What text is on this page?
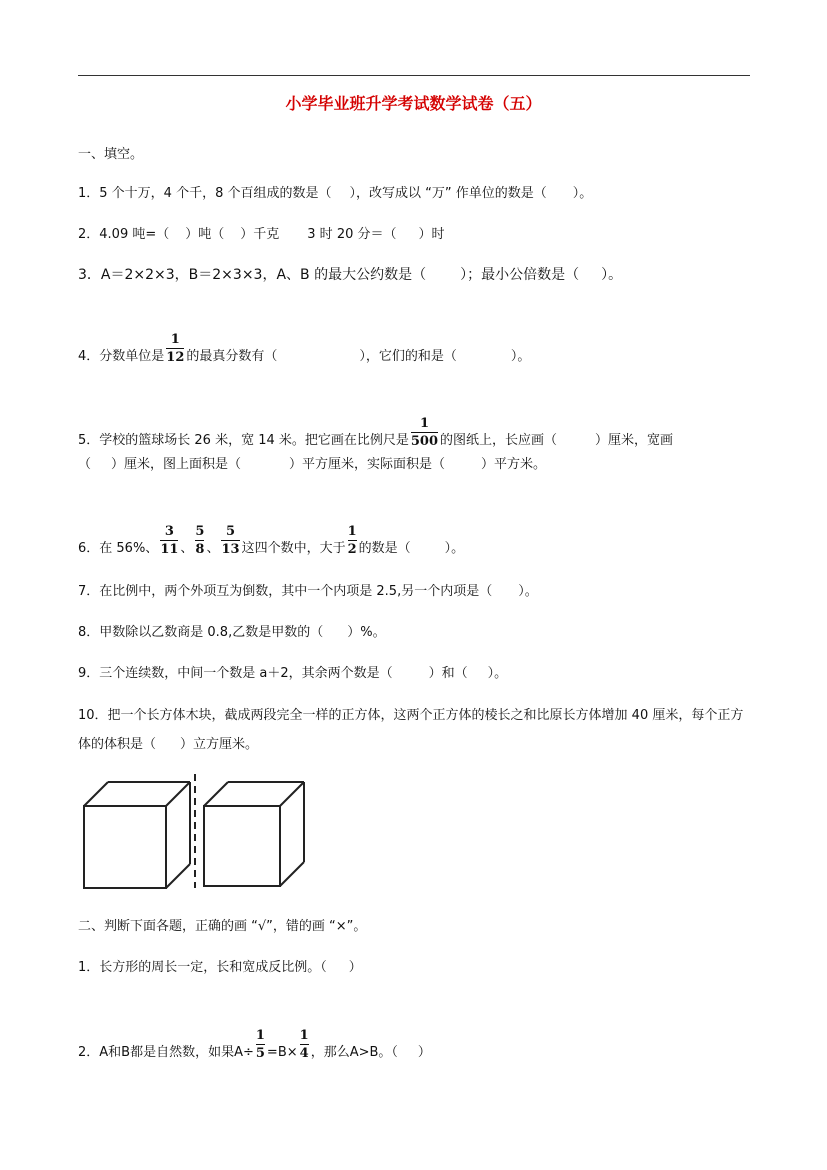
小学毕业班升学考试数学试卷（五）
一、填空。
1．5 个十万，4 个千，8 个百组成的数是（ ），改写成以 “万” 作单位的数是（ ）。
2．4.09 吨=（ ）吨（ ）千克 3 时 20 分＝（ ）时
3．A＝2×2×3，B＝2×3×3，A、B 的最大公约数是（ ）；最小公倍数是（ ）。
4．分数单位是 $\frac{1}{12}$ 的最真分数有（	），它们的和是（	）。
5．学校的篮球场长 26 米，宽 14 米。把它画在比例尺是 $\frac{1}{500}$ 的图纸上，长应画（	）厘米，宽画
（ ）厘米，图上面积是（	）平方厘米，实际面积是（	）平方米。
6．在 56%、 $\frac{3}{11}$ 、 $\frac{5}{8}$ 、 $\frac{5}{13}$ 这四个数中，大于 $\frac{1}{2}$ 的数是（	）。
7．在比例中，两个外项互为倒数，其中一个内项是 2.5,另一个内项是（ ）。
8．甲数除以乙数商是 0.8,乙数是甲数的（ ）%。
9．三个连续数，中间一个数是 a＋2，其余两个数是（	）和（ ）。
10．把一个长方体木块，截成两段完全一样的正方体，这两个正方体的棱长之和比原长方体增加 40 厘米，每个正方体的体积是（ ）立方厘米。
二、判断下面各题，正确的画 “√”，错的画 “×”。
1．长方形的周长一定，长和宽成反比例。（ ）
2．A和B都是自然数，如果$A\div \frac{1}{5} =B\times \frac{1}{4}$ ，那么A>B。（ ）
